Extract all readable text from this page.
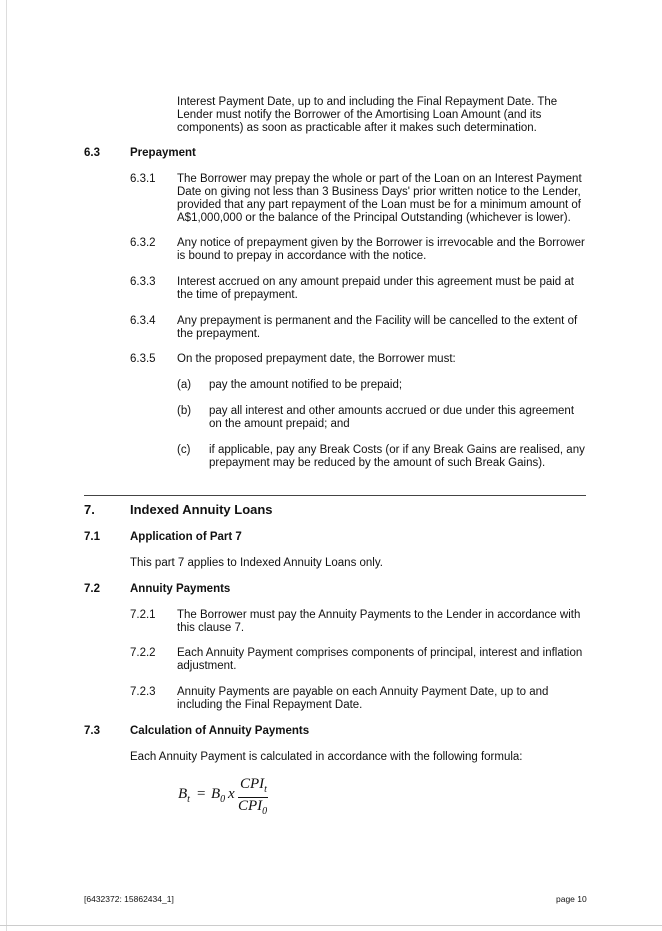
Interest Payment Date, up to and including the Final Repayment Date. The Lender must notify the Borrower of the Amortising Loan Amount (and its components) as soon as practicable after it makes such determination.
6.3	Prepayment
6.3.1 The Borrower may prepay the whole or part of the Loan on an Interest Payment Date on giving not less than 3 Business Days' prior written notice to the Lender, provided that any part repayment of the Loan must be for a minimum amount of A$1,000,000 or the balance of the Principal Outstanding (whichever is lower).
6.3.2 Any notice of prepayment given by the Borrower is irrevocable and the Borrower is bound to prepay in accordance with the notice.
6.3.3 Interest accrued on any amount prepaid under this agreement must be paid at the time of prepayment.
6.3.4 Any prepayment is permanent and the Facility will be cancelled to the extent of the prepayment.
6.3.5 On the proposed prepayment date, the Borrower must:
(a) pay the amount notified to be prepaid;
(b) pay all interest and other amounts accrued or due under this agreement on the amount prepaid; and
(c) if applicable, pay any Break Costs (or if any Break Gains are realised, any prepayment may be reduced by the amount of such Break Gains).
7.	Indexed Annuity Loans
7.1	Application of Part 7
This part 7 applies to Indexed Annuity Loans only.
7.2	Annuity Payments
7.2.1 The Borrower must pay the Annuity Payments to the Lender in accordance with this clause 7.
7.2.2 Each Annuity Payment comprises components of principal, interest and inflation adjustment.
7.2.3 Annuity Payments are payable on each Annuity Payment Date, up to and including the Final Repayment Date.
7.3	Calculation of Annuity Payments
Each Annuity Payment is calculated in accordance with the following formula:
$B_t = B_0$ x
$CPI_t$
$CPI_0$
[6432372: 15862434_1]	page 10
